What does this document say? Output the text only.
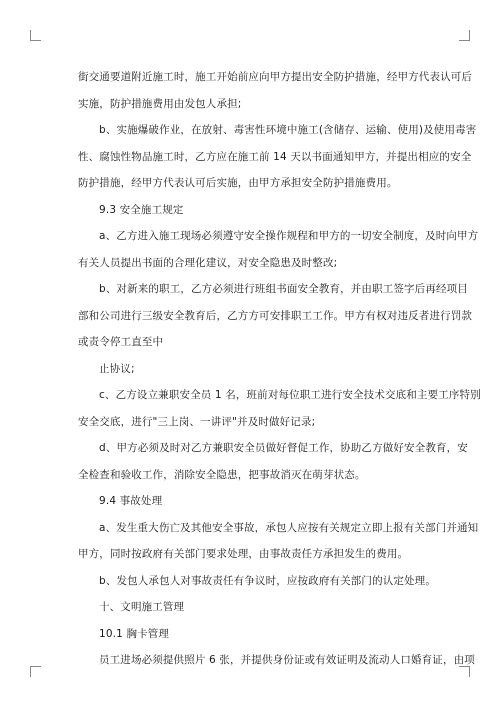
街交通要道附近施工时，施工开始前应向甲方提出安全防护措施，经甲方代表认可后

实施，防护措施费用由发包人承担;

b、实施爆破作业，在放射、毒害性环境中施工(含储存、运输、使用)及使用毒害

性、腐蚀性物品施工时，乙方应在施工前 14 天以书面通知甲方，并提出相应的安全

防护措施，经甲方代表认可后实施，由甲方承担安全防护措施费用。

9.3 安全施工规定

a、乙方进入施工现场必须遵守安全操作规程和甲方的一切安全制度，及时向甲方

有关人员提出书面的合理化建议，对安全隐患及时整改;

b、对新来的职工，乙方必须进行班组书面安全教育，并由职工签字后再经项目

部和公司进行三级安全教育后，乙方方可安排职工工作。甲方有权对违反者进行罚款

或责令停工直至中

止协议;

c、乙方设立兼职安全员 1 名，班前对每位职工进行安全技术交底和主要工序特别

安全交底，进行"三上岗、一讲评"并及时做好记录;

d、甲方必须及时对乙方兼职安全员做好督促工作，协助乙方做好安全教育，安

全检查和验收工作，消除安全隐患，把事故消灭在萌芽状态。

9.4 事故处理

a、发生重大伤亡及其他安全事故，承包人应按有关规定立即上报有关部门并通知

甲方，同时按政府有关部门要求处理，由事故责任方承担发生的费用。

b、发包人承包人对事故责任有争议时，应按政府有关部门的认定处理。

十、文明施工管理

10.1 胸卡管理

员工进场必须提供照片 6 张，并提供身份证或有效证明及流动人口婚育证，由项
